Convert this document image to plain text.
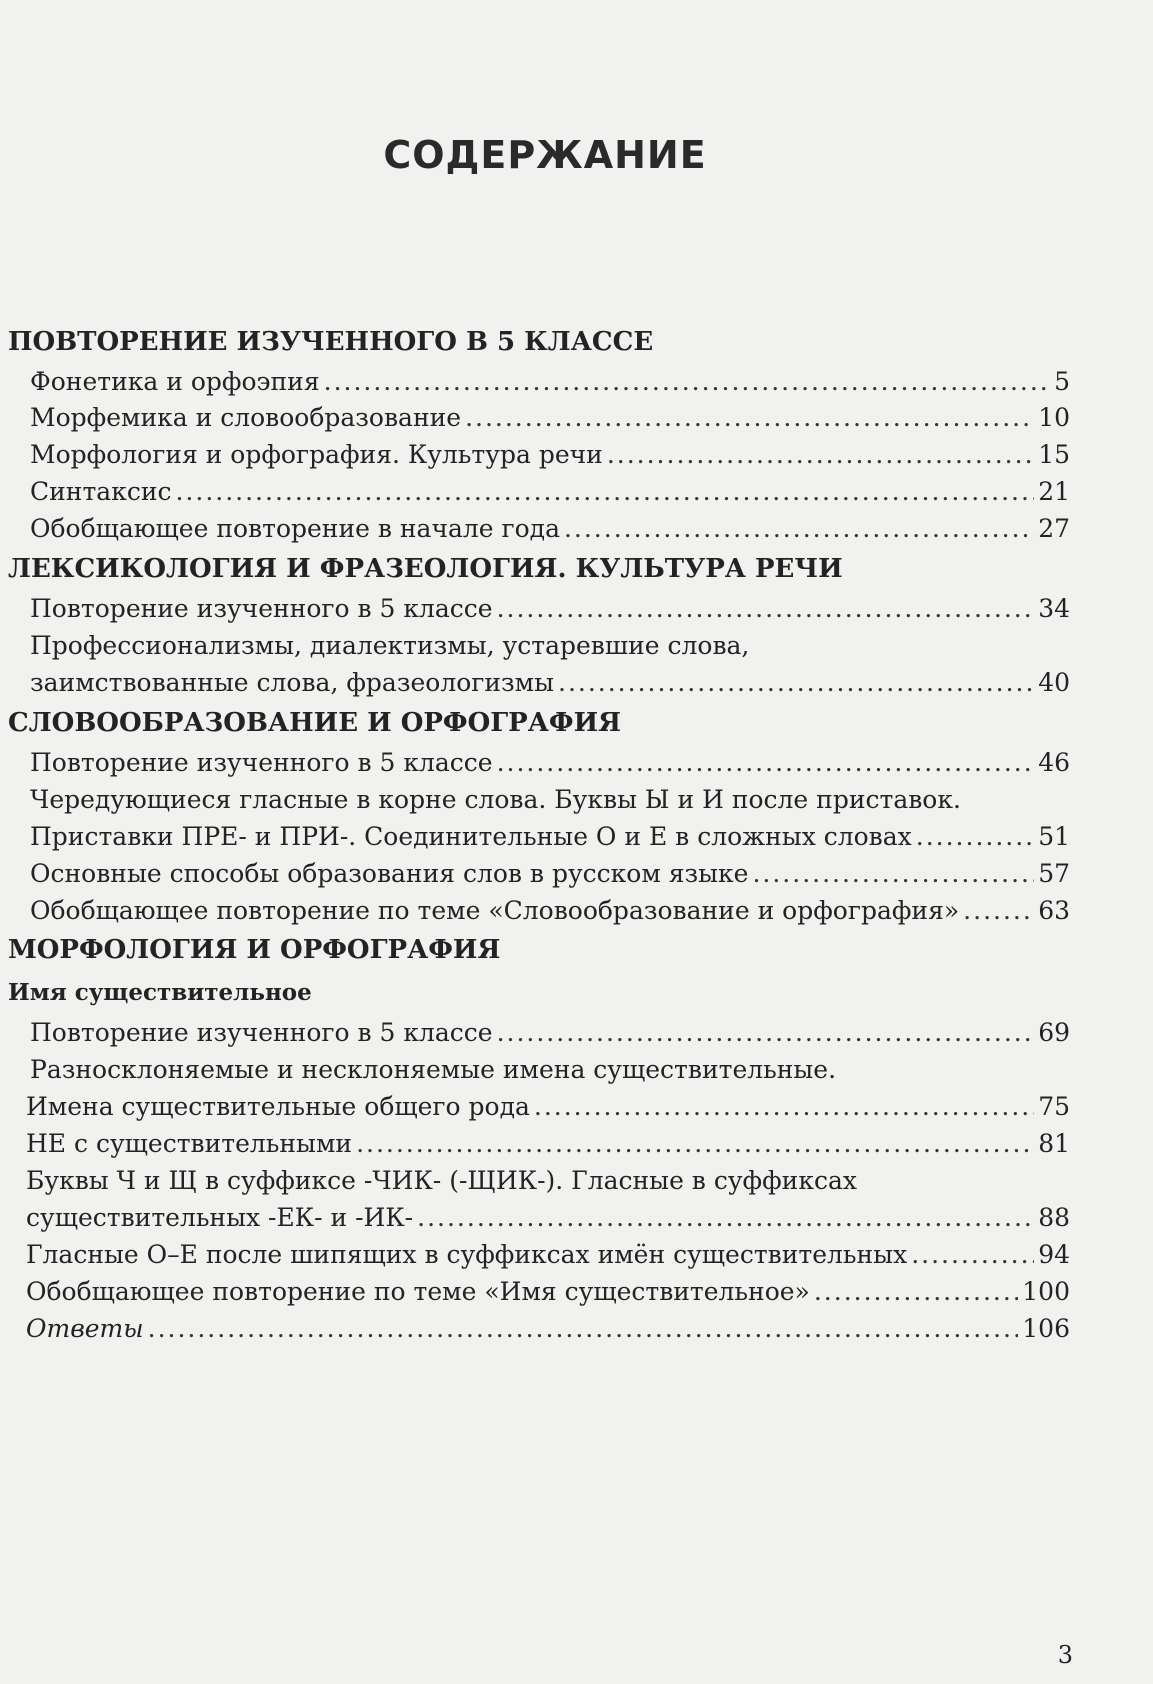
СОДЕРЖАНИЕ
ПОВТОРЕНИЕ ИЗУЧЕННОГО В 5 КЛАССЕ
Фонетика и орфоэпия .....	5
Морфемика и словообразование .....	10
Морфология и орфография. Культура речи .....	15
Синтаксис .....	21
Обобщающее повторение в начале года .....	27
ЛЕКСИКОЛОГИЯ И ФРАЗЕОЛОГИЯ. КУЛЬТУРА РЕЧИ
Повторение изученного в 5 классе .....	34
Профессионализмы, диалектизмы, устаревшие слова,
заимствованные слова, фразеологизмы .....	40
СЛОВООБРАЗОВАНИЕ И ОРФОГРАФИЯ
Повторение изученного в 5 классе .....	46
Чередующиеся гласные в корне слова. Буквы Ы и И после приставок.
Приставки ПРЕ- и ПРИ-. Соединительные О и Е в сложных словах .....	51
Основные способы образования слов в русском языке .....	57
Обобщающее повторение по теме «Словообразование и орфография» .....	63
МОРФОЛОГИЯ И ОРФОГРАФИЯ
Имя существительное
Повторение изученного в 5 классе .....	69
Разносклоняемые и несклоняемые имена существительные.
Имена существительные общего рода .....	75
НЕ с существительными .....	81
Буквы Ч и Щ в суффиксе -ЧИК- (-ЩИК-). Гласные в суффиксах
существительных -ЕК- и -ИК- .....	88
Гласные О–Е после шипящих в суффиксах имён существительных .....	94
Обобщающее повторение по теме «Имя существительное» .....	100
Ответы .....	106
3
